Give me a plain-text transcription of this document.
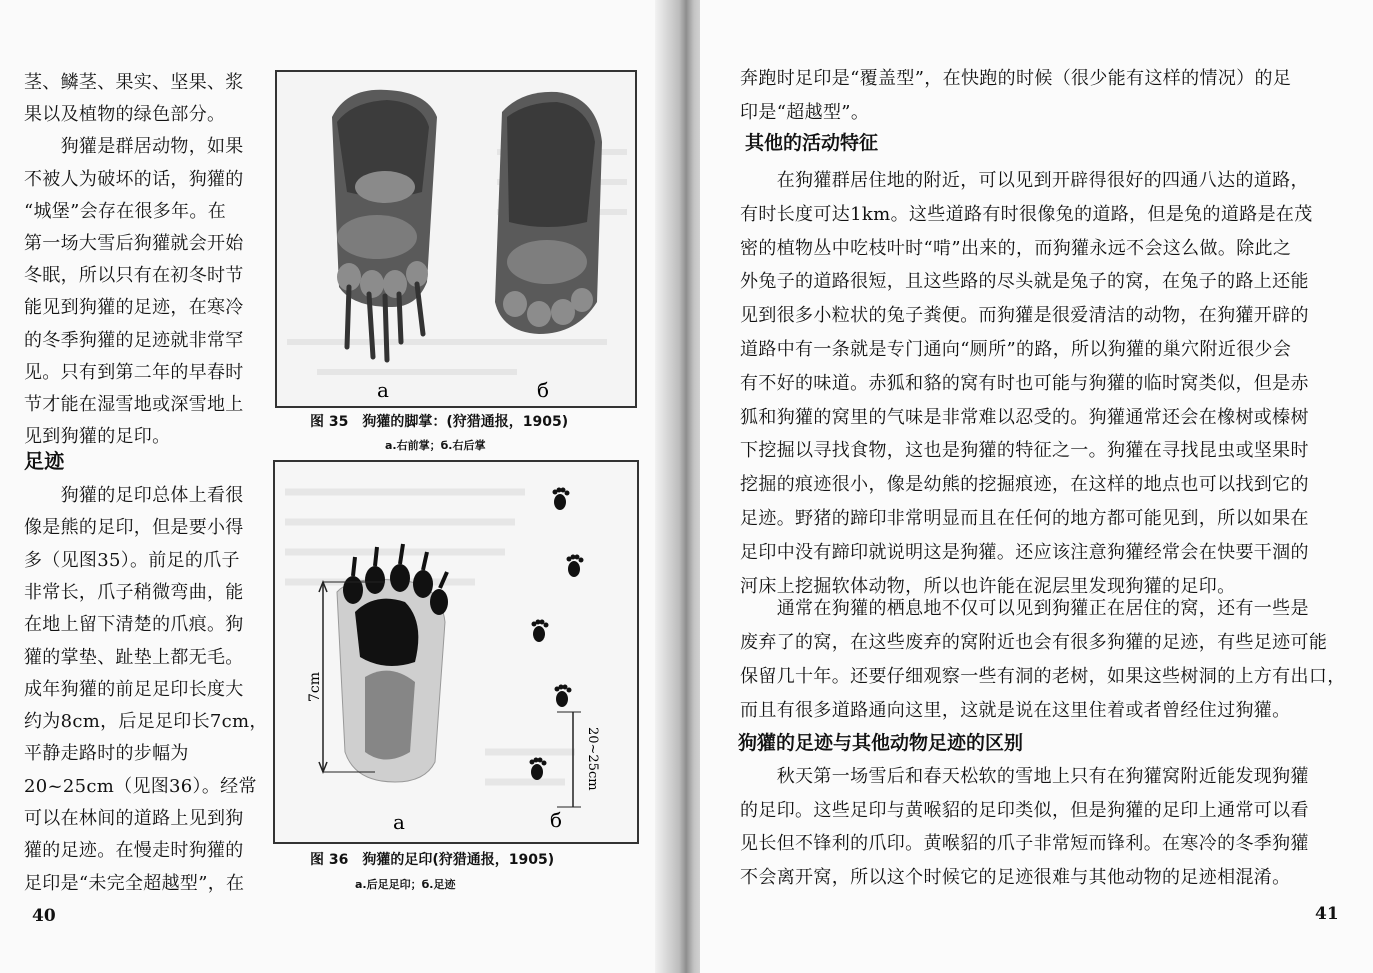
茎、鳞茎、果实、坚果、浆
果以及植物的绿色部分。
　　狗獾是群居动物，如果
不被人为破坏的话，狗獾的
“城堡”会存在很多年。在
第一场大雪后狗獾就会开始
冬眠，所以只有在初冬时节
能见到狗獾的足迹，在寒冷
的冬季狗獾的足迹就非常罕
见。只有到第二年的早春时
节才能在湿雪地或深雪地上
见到狗獾的足印。
足迹
　　狗獾的足印总体上看很
像是熊的足印，但是要小得
多（见图35）。前足的爪子
非常长，爪子稍微弯曲，能
在地上留下清楚的爪痕。狗
獾的掌垫、趾垫上都无毛。
成年狗獾的前足足印长度大
约为8cm，后足足印长7cm，
平静走路时的步幅为
20~25cm（见图36）。经常
可以在林间的道路上见到狗
獾的足迹。在慢走时狗獾的
足印是“未完全超越型”，在
40
а	б
图 35　狗獾的脚掌：(狩猎通报，1905)
a.右前掌；б.右后掌
7cm
20~25cm
а	б
图 36　狗獾的足印(狩猎通报，1905)
a.后足足印；б.足迹
奔跑时足印是“覆盖型”，在快跑的时候（很少能有这样的情况）的足
印是“超越型”。
其他的活动特征
　　在狗獾群居住地的附近，可以见到开辟得很好的四通八达的道路，
有时长度可达1km。这些道路有时很像兔的道路，但是兔的道路是在茂
密的植物丛中吃枝叶时“啃”出来的，而狗獾永远不会这么做。除此之
外兔子的道路很短，且这些路的尽头就是兔子的窝，在兔子的路上还能
见到很多小粒状的兔子粪便。而狗獾是很爱清洁的动物，在狗獾开辟的
道路中有一条就是专门通向“厕所”的路，所以狗獾的巢穴附近很少会
有不好的味道。赤狐和貉的窝有时也可能与狗獾的临时窝类似，但是赤
狐和狗獾的窝里的气味是非常难以忍受的。狗獾通常还会在橡树或榛树
下挖掘以寻找食物，这也是狗獾的特征之一。狗獾在寻找昆虫或坚果时
挖掘的痕迹很小，像是幼熊的挖掘痕迹，在这样的地点也可以找到它的
足迹。野猪的蹄印非常明显而且在任何的地方都可能见到，所以如果在
足印中没有蹄印就说明这是狗獾。还应该注意狗獾经常会在快要干涸的
河床上挖掘软体动物，所以也许能在泥层里发现狗獾的足印。
　　通常在狗獾的栖息地不仅可以见到狗獾正在居住的窝，还有一些是
废弃了的窝，在这些废弃的窝附近也会有很多狗獾的足迹，有些足迹可能
保留几十年。还要仔细观察一些有洞的老树，如果这些树洞的上方有出口，
而且有很多道路通向这里，这就是说在这里住着或者曾经住过狗獾。
狗獾的足迹与其他动物足迹的区别
　　秋天第一场雪后和春天松软的雪地上只有在狗獾窝附近能发现狗獾
的足印。这些足印与黄喉貂的足印类似，但是狗獾的足印上通常可以看
见长但不锋利的爪印。黄喉貂的爪子非常短而锋利。在寒冷的冬季狗獾
不会离开窝，所以这个时候它的足迹很难与其他动物的足迹相混淆。
41
